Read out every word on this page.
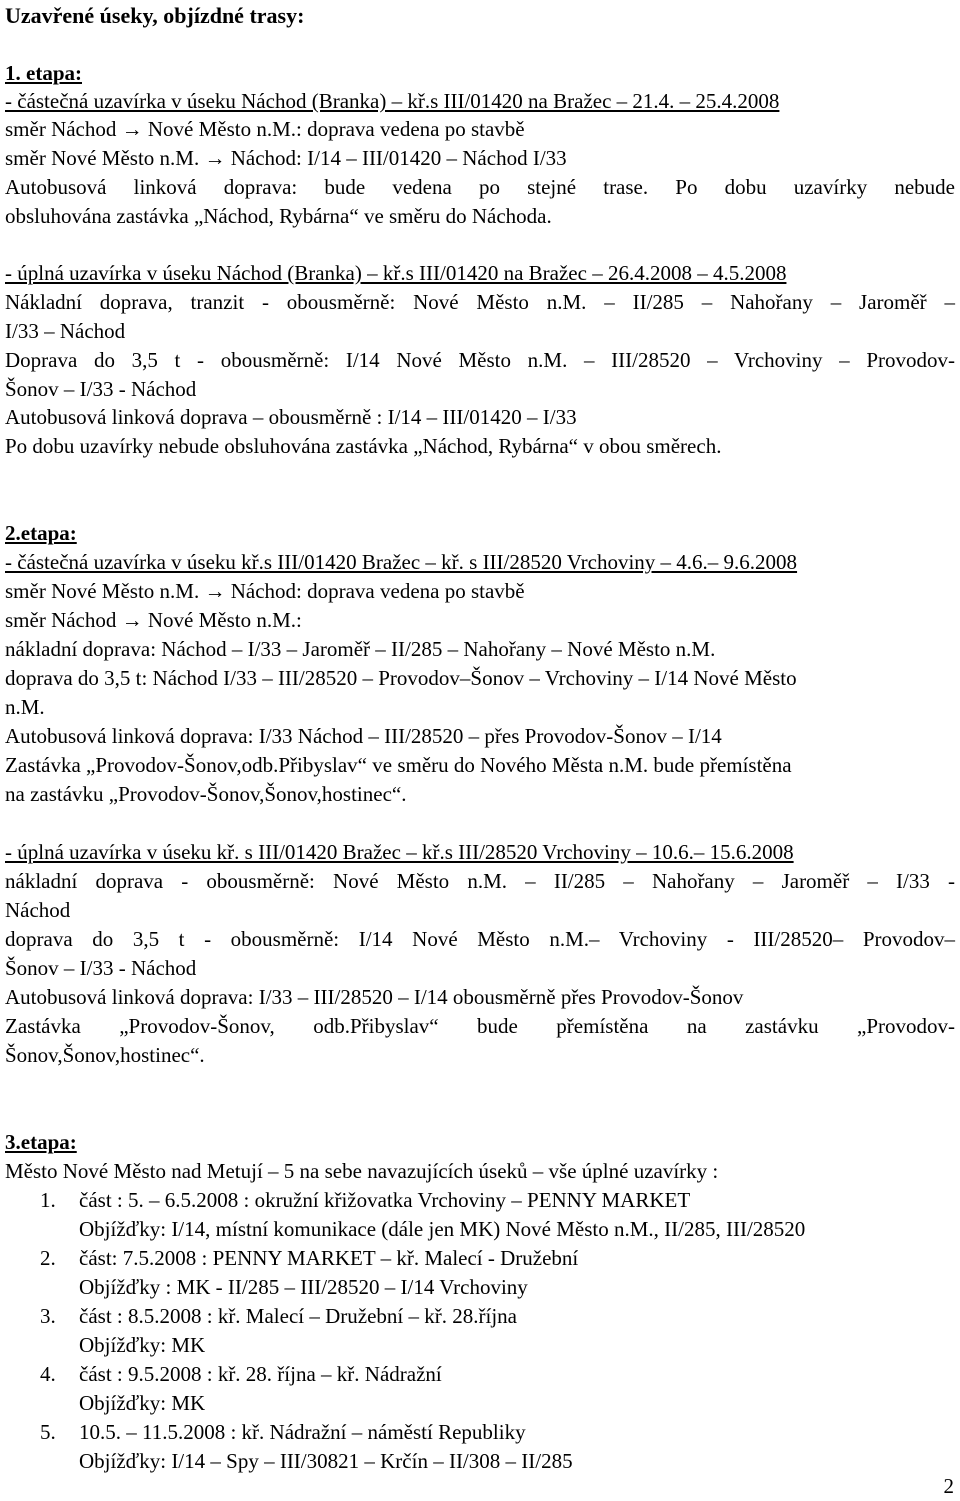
Uzavřené úseky, objízdné trasy:
1. etapa:
- částečná uzavírka v úseku Náchod (Branka) – kř.s III/01420 na Bražec – 21.4. – 25.4.2008
směr Náchod → Nové Město n.M.: doprava vedena po stavbě
směr Nové Město n.M. → Náchod: I/14 – III/01420 – Náchod I/33
Autobusová linková doprava: bude vedena po stejné trase. Po dobu uzavírky nebude
obsluhována zastávka „Náchod, Rybárna“ ve směru do Náchoda.
- úplná uzavírka v úseku Náchod (Branka) – kř.s III/01420 na Bražec – 26.4.2008 – 4.5.2008
Nákladní doprava, tranzit - obousměrně: Nové Město n.M. – II/285 – Nahořany – Jaroměř –
I/33 – Náchod
Doprava do 3,5 t - obousměrně: I/14 Nové Město n.M. – III/28520 – Vrchoviny – Provodov-
Šonov – I/33 - Náchod
Autobusová linková doprava – obousměrně : I/14 – III/01420 – I/33
Po dobu uzavírky nebude obsluhována zastávka „Náchod, Rybárna“ v obou směrech.
2.etapa:
- částečná uzavírka v úseku kř.s III/01420 Bražec – kř. s III/28520 Vrchoviny – 4.6.– 9.6.2008
směr Nové Město n.M. → Náchod: doprava vedena po stavbě
směr Náchod → Nové Město n.M.:
nákladní doprava: Náchod – I/33 – Jaroměř – II/285 – Nahořany – Nové Město n.M.
doprava do 3,5 t: Náchod I/33 – III/28520 – Provodov–Šonov – Vrchoviny – I/14 Nové Město
n.M.
Autobusová linková doprava: I/33 Náchod – III/28520 – přes Provodov-Šonov – I/14
Zastávka „Provodov-Šonov,odb.Přibyslav“ ve směru do Nového Města n.M. bude přemístěna
na zastávku „Provodov-Šonov,Šonov,hostinec“.
- úplná uzavírka v úseku kř. s III/01420 Bražec – kř.s III/28520 Vrchoviny – 10.6.– 15.6.2008
nákladní doprava - obousměrně: Nové Město n.M. – II/285 – Nahořany – Jaroměř – I/33 -
Náchod
doprava do 3,5 t - obousměrně: I/14 Nové Město n.M.– Vrchoviny - III/28520– Provodov–
Šonov – I/33 - Náchod
Autobusová linková doprava: I/33 – III/28520 – I/14 obousměrně přes Provodov-Šonov
Zastávka „Provodov-Šonov, odb.Přibyslav“ bude přemístěna na zastávku „Provodov-
Šonov,Šonov,hostinec“.
3.etapa:
Město Nové Město nad Metují – 5 na sebe navazujících úseků – vše úplné uzavírky :
1. část : 5. – 6.5.2008 : okružní křižovatka Vrchoviny – PENNY MARKET
Objížďky: I/14, místní komunikace (dále jen MK) Nové Město n.M., II/285, III/28520
2. část: 7.5.2008 : PENNY MARKET – kř. Malecí - Družební
Objížďky : MK - II/285 – III/28520 – I/14 Vrchoviny
3. část : 8.5.2008 : kř. Malecí – Družební – kř. 28.října
Objížďky: MK
4. část : 9.5.2008 : kř. 28. října – kř. Nádražní
Objížďky: MK
5. 10.5. – 11.5.2008 : kř. Nádražní – náměstí Republiky
Objížďky: I/14 – Spy – III/30821 – Krčín – II/308 – II/285
2
